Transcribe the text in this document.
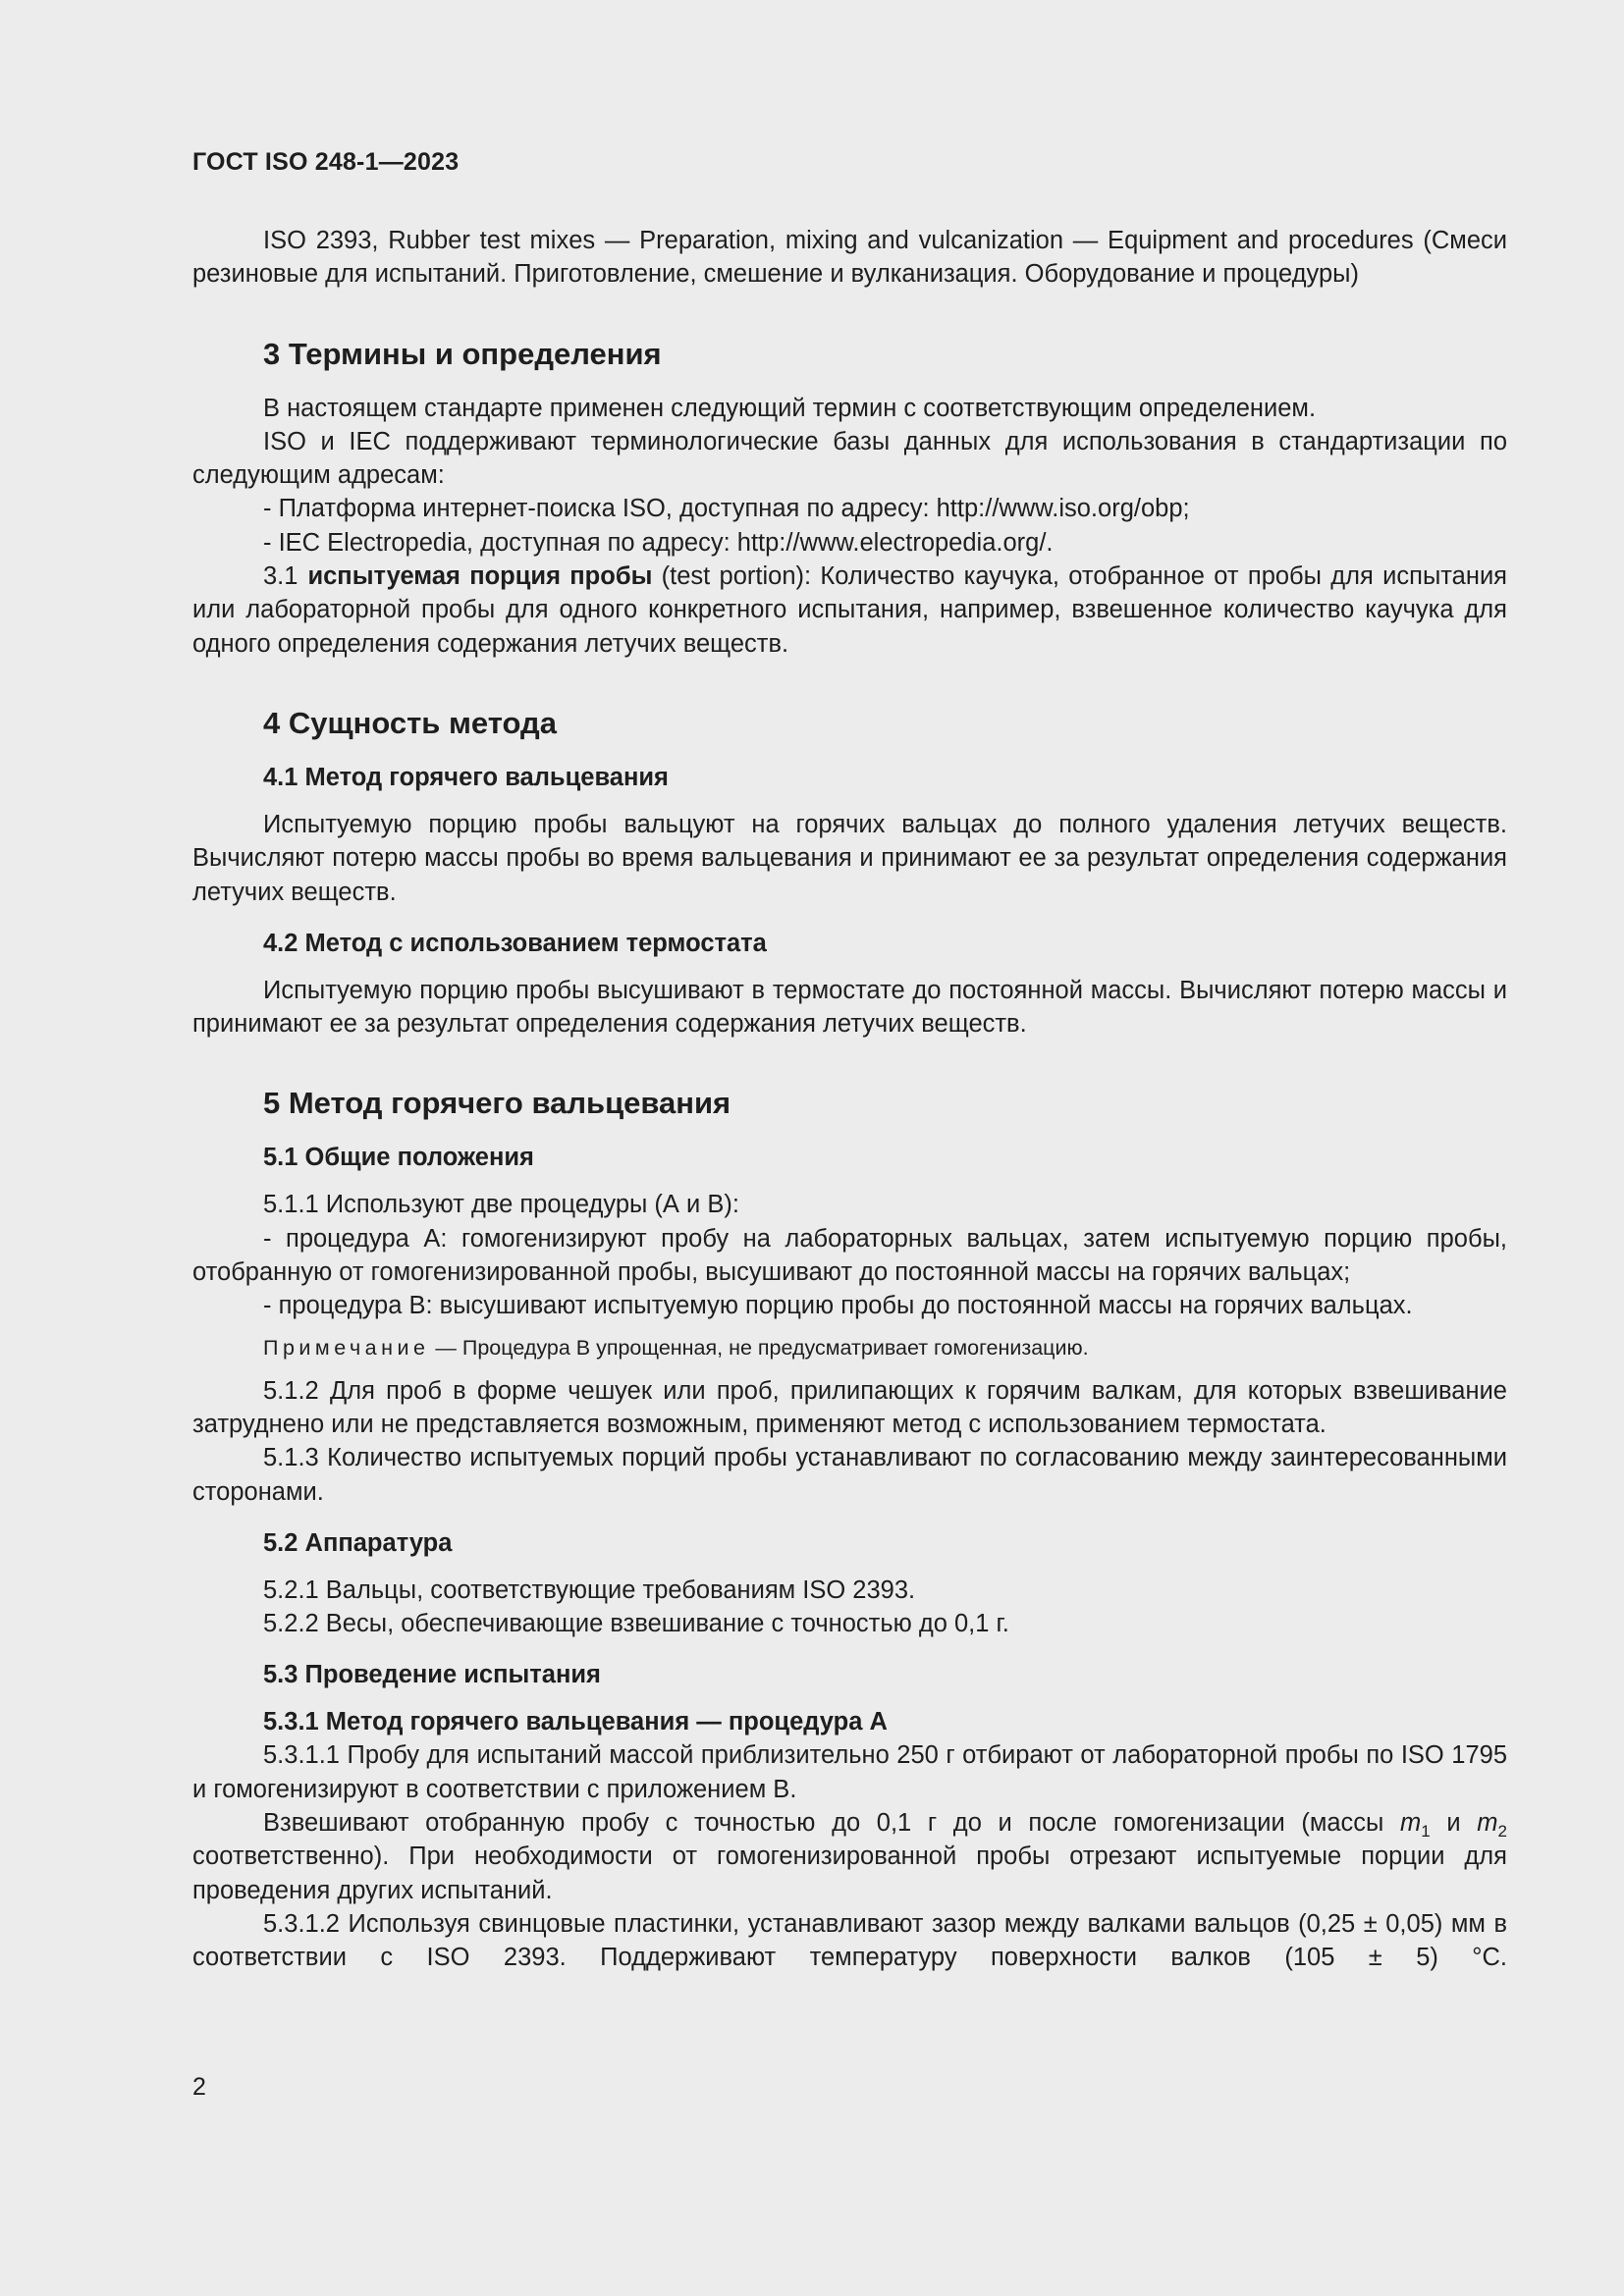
ГОСТ ISO 248-1—2023

ISO 2393, Rubber test mixes — Preparation, mixing and vulcanization — Equipment and procedures (Смеси резиновые для испытаний. Приготовление, смешение и вулканизация. Оборудование и процедуры)

3 Термины и определения

В настоящем стандарте применен следующий термин с соответствующим определением.

ISO и IEC поддерживают терминологические базы данных для использования в стандартизации по следующим адресам:

- Платформа интернет-поиска ISO, доступная по адресу: http://www.iso.org/obp;

- IEC Electropedia, доступная по адресу: http://www.electropedia.org/.

3.1 испытуемая порция пробы (test portion): Количество каучука, отобранное от пробы для испытания или лабораторной пробы для одного конкретного испытания, например, взвешенное количество каучука для одного определения содержания летучих веществ.

4 Сущность метода
4.1 Метод горячего вальцевания

Испытуемую порцию пробы вальцуют на горячих вальцах до полного удаления летучих веществ. Вычисляют потерю массы пробы во время вальцевания и принимают ее за результат определения содержания летучих веществ.

4.2 Метод с использованием термостата

Испытуемую порцию пробы высушивают в термостате до постоянной массы. Вычисляют потерю массы и принимают ее за результат определения содержания летучих веществ.

5 Метод горячего вальцевания
5.1 Общие положения

5.1.1 Используют две процедуры (А и В):

- процедура А: гомогенизируют пробу на лабораторных вальцах, затем испытуемую порцию пробы, отобранную от гомогенизированной пробы, высушивают до постоянной массы на горячих вальцах;

- процедура В: высушивают испытуемую порцию пробы до постоянной массы на горячих вальцах.

Примечание — Процедура В упрощенная, не предусматривает гомогенизацию.

5.1.2 Для проб в форме чешуек или проб, прилипающих к горячим валкам, для которых взвешивание затруднено или не представляется возможным, применяют метод с использованием термостата.

5.1.3 Количество испытуемых порций пробы устанавливают по согласованию между заинтересованными сторонами.

5.2 Аппаратура

5.2.1 Вальцы, соответствующие требованиям ISO 2393.

5.2.2 Весы, обеспечивающие взвешивание с точностью до 0,1 г.

5.3 Проведение испытания
5.3.1 Метод горячего вальцевания — процедура А

5.3.1.1 Пробу для испытаний массой приблизительно 250 г отбирают от лабораторной пробы по ISO 1795 и гомогенизируют в соответствии с приложением В.

Взвешивают отобранную пробу с точностью до 0,1 г до и после гомогенизации (массы $m_1$ и $m_2$ соответственно). При необходимости от гомогенизированной пробы отрезают испытуемые порции для проведения других испытаний.

5.3.1.2 Используя свинцовые пластинки, устанавливают зазор между валками вальцов (0,25 ± 0,05) мм в соответствии с ISO 2393. Поддерживают температуру поверхности валков (105 ± 5) °С.

2
